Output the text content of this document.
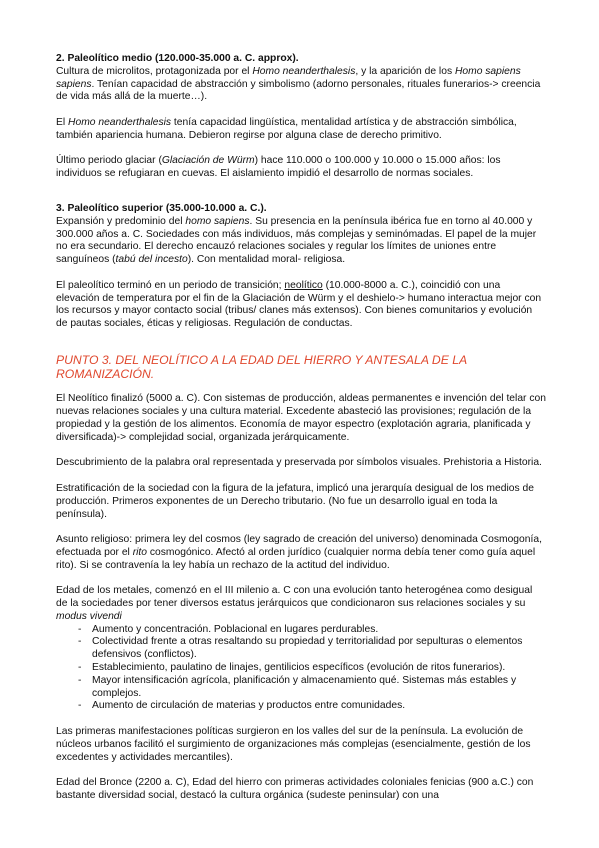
2. Paleolítico medio (120.000-35.000 a. C. approx).

Cultura de microlitos, protagonizada por el Homo neanderthalesis, y la aparición de los Homo sapiens sapiens. Tenían capacidad de abstracción y simbolismo (adorno personales, rituales funerarios-> creencia de vida más allá de la muerte…).

El Homo neanderthalesis tenía capacidad lingüística, mentalidad artística y de abstracción simbólica, también apariencia humana. Debieron regirse por alguna clase de derecho primitivo.

Último periodo glaciar (Glaciación de Würm) hace 110.000 o 100.000 y 10.000 o 15.000 años: los individuos se refugiaran en cuevas. El aislamiento impidió el desarrollo de normas sociales.

3. Paleolítico superior (35.000-10.000 a. C.).

Expansión y predominio del homo sapiens. Su presencia en la península ibérica fue en torno al 40.000 y 300.000 años a. C. Sociedades con más individuos, más complejas y seminómadas. El papel de la mujer no era secundario. El derecho encauzó relaciones sociales y regular los límites de uniones entre sanguíneos (tabú del incesto). Con mentalidad moral- religiosa.

El paleolítico terminó en un periodo de transición; neolítico (10.000-8000 a. C.), coincidió con una elevación de temperatura por el fin de la Glaciación de Würm y el deshielo-> humano interactua mejor con los recursos y mayor contacto social (tribus/ clanes más extensos). Con bienes comunitarios y evolución de pautas sociales, éticas y religiosas. Regulación de conductas.

PUNTO 3. DEL NEOLÍTICO A LA EDAD DEL HIERRO Y ANTESALA DE LA ROMANIZACIÓN.

El Neolítico finalizó (5000 a. C). Con sistemas de producción, aldeas permanentes e invención del telar con nuevas relaciones sociales y una cultura material. Excedente abasteció las provisiones; regulación de la propiedad y la gestión de los alimentos. Economía de mayor espectro (explotación agraria, planificada y diversificada)-> complejidad social, organizada jerárquicamente.

Descubrimiento de la palabra oral representada y preservada por símbolos visuales. Prehistoria a Historia.

Estratificación de la sociedad con la figura de la jefatura, implicó una jerarquía desigual de los medios de producción. Primeros exponentes de un Derecho tributario. (No fue un desarrollo igual en toda la península).

Asunto religioso: primera ley del cosmos (ley sagrado de creación del universo) denominada Cosmogonía, efectuada por el rito cosmogónico. Afectó al orden jurídico (cualquier norma debía tener como guía aquel rito). Si se contravenía la ley había un rechazo de la actitud del individuo.

Edad de los metales, comenzó en el III milenio a. C con una evolución tanto heterogénea como desigual de la sociedades por tener diversos estatus jerárquicos que condicionaron sus relaciones sociales y su modus vivendi

- Aumento y concentración. Poblacional en lugares perdurables.
- Colectividad frente a otras resaltando su propiedad y territorialidad por sepulturas o elementos defensivos (conflictos).
- Establecimiento, paulatino de linajes, gentilicios específicos (evolución de ritos funerarios).
- Mayor intensificación agrícola, planificación y almacenamiento qué. Sistemas más estables y complejos.
- Aumento de circulación de materias y productos entre comunidades.

Las primeras manifestaciones políticas surgieron en los valles del sur de la península. La evolución de núcleos urbanos facilitó el surgimiento de organizaciones más complejas (esencialmente, gestión de los excedentes y actividades mercantiles).

Edad del Bronce (2200 a. C), Edad del hierro con primeras actividades coloniales fenicias (900 a.C.) con bastante diversidad social, destacó la cultura orgánica (sudeste peninsular) con una
